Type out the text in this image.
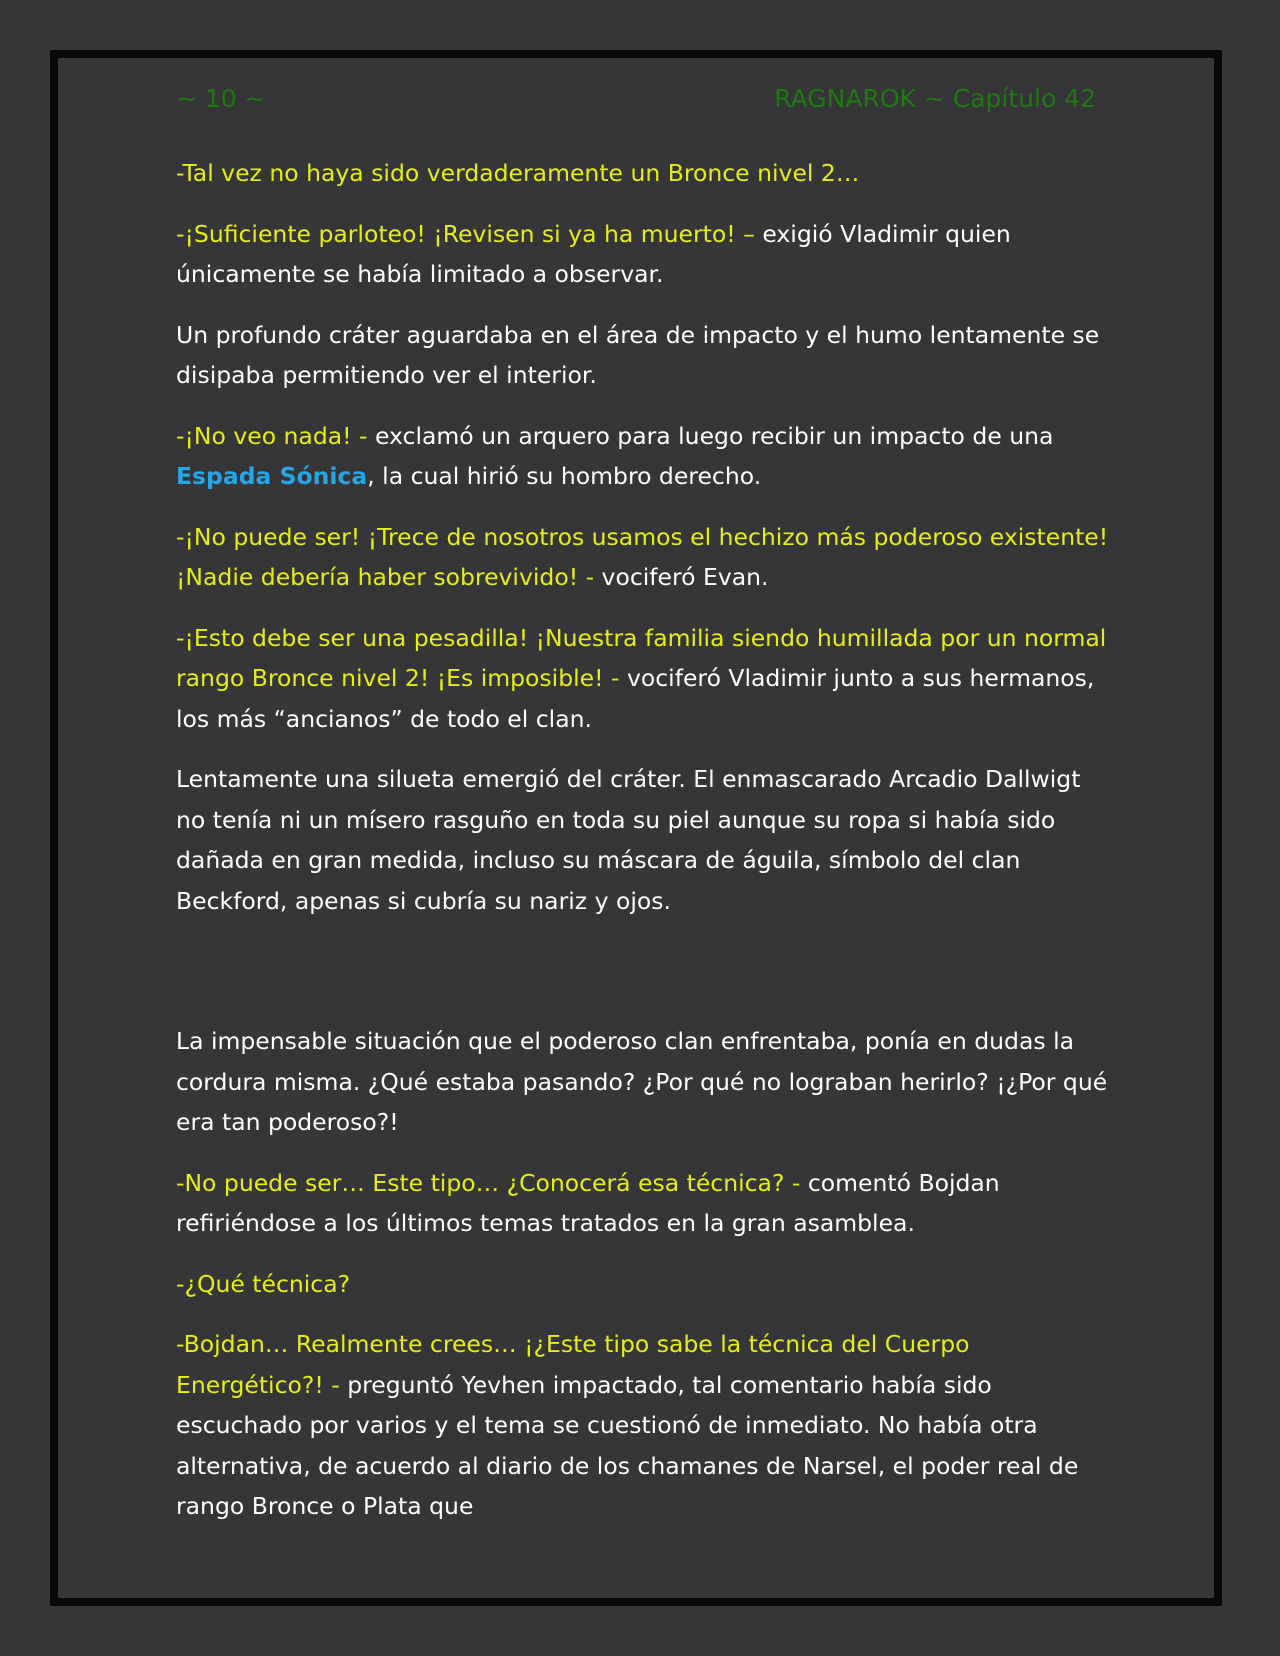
~ 10 ~	RAGNAROK ~ Capítulo 42

-Tal vez no haya sido verdaderamente un Bronce nivel 2…

-¡Suficiente parloteo! ¡Revisen si ya ha muerto! – exigió Vladimir quien únicamente se había limitado a observar.

Un profundo cráter aguardaba en el área de impacto y el humo lentamente se disipaba permitiendo ver el interior.

-¡No veo nada! - exclamó un arquero para luego recibir un impacto de una Espada Sónica, la cual hirió su hombro derecho.

-¡No puede ser! ¡Trece de nosotros usamos el hechizo más poderoso existente! ¡Nadie debería haber sobrevivido! - vociferó Evan.

-¡Esto debe ser una pesadilla! ¡Nuestra familia siendo humillada por un normal rango Bronce nivel 2! ¡Es imposible! - vociferó Vladimir junto a sus hermanos, los más “ancianos” de todo el clan.

Lentamente una silueta emergió del cráter. El enmascarado Arcadio Dallwigt no tenía ni un mísero rasguño en toda su piel aunque su ropa si había sido dañada en gran medida, incluso su máscara de águila, símbolo del clan Beckford, apenas si cubría su nariz y ojos.

La impensable situación que el poderoso clan enfrentaba, ponía en dudas la cordura misma. ¿Qué estaba pasando? ¿Por qué no lograban herirlo? ¡¿Por qué era tan poderoso?!

-No puede ser… Este tipo… ¿Conocerá esa técnica? - comentó Bojdan refiriéndose a los últimos temas tratados en la gran asamblea.

-¿Qué técnica?

-Bojdan… Realmente crees… ¡¿Este tipo sabe la técnica del Cuerpo Energético?! - preguntó Yevhen impactado, tal comentario había sido escuchado por varios y el tema se cuestionó de inmediato. No había otra alternativa, de acuerdo al diario de los chamanes de Narsel, el poder real de rango Bronce o Plata que
